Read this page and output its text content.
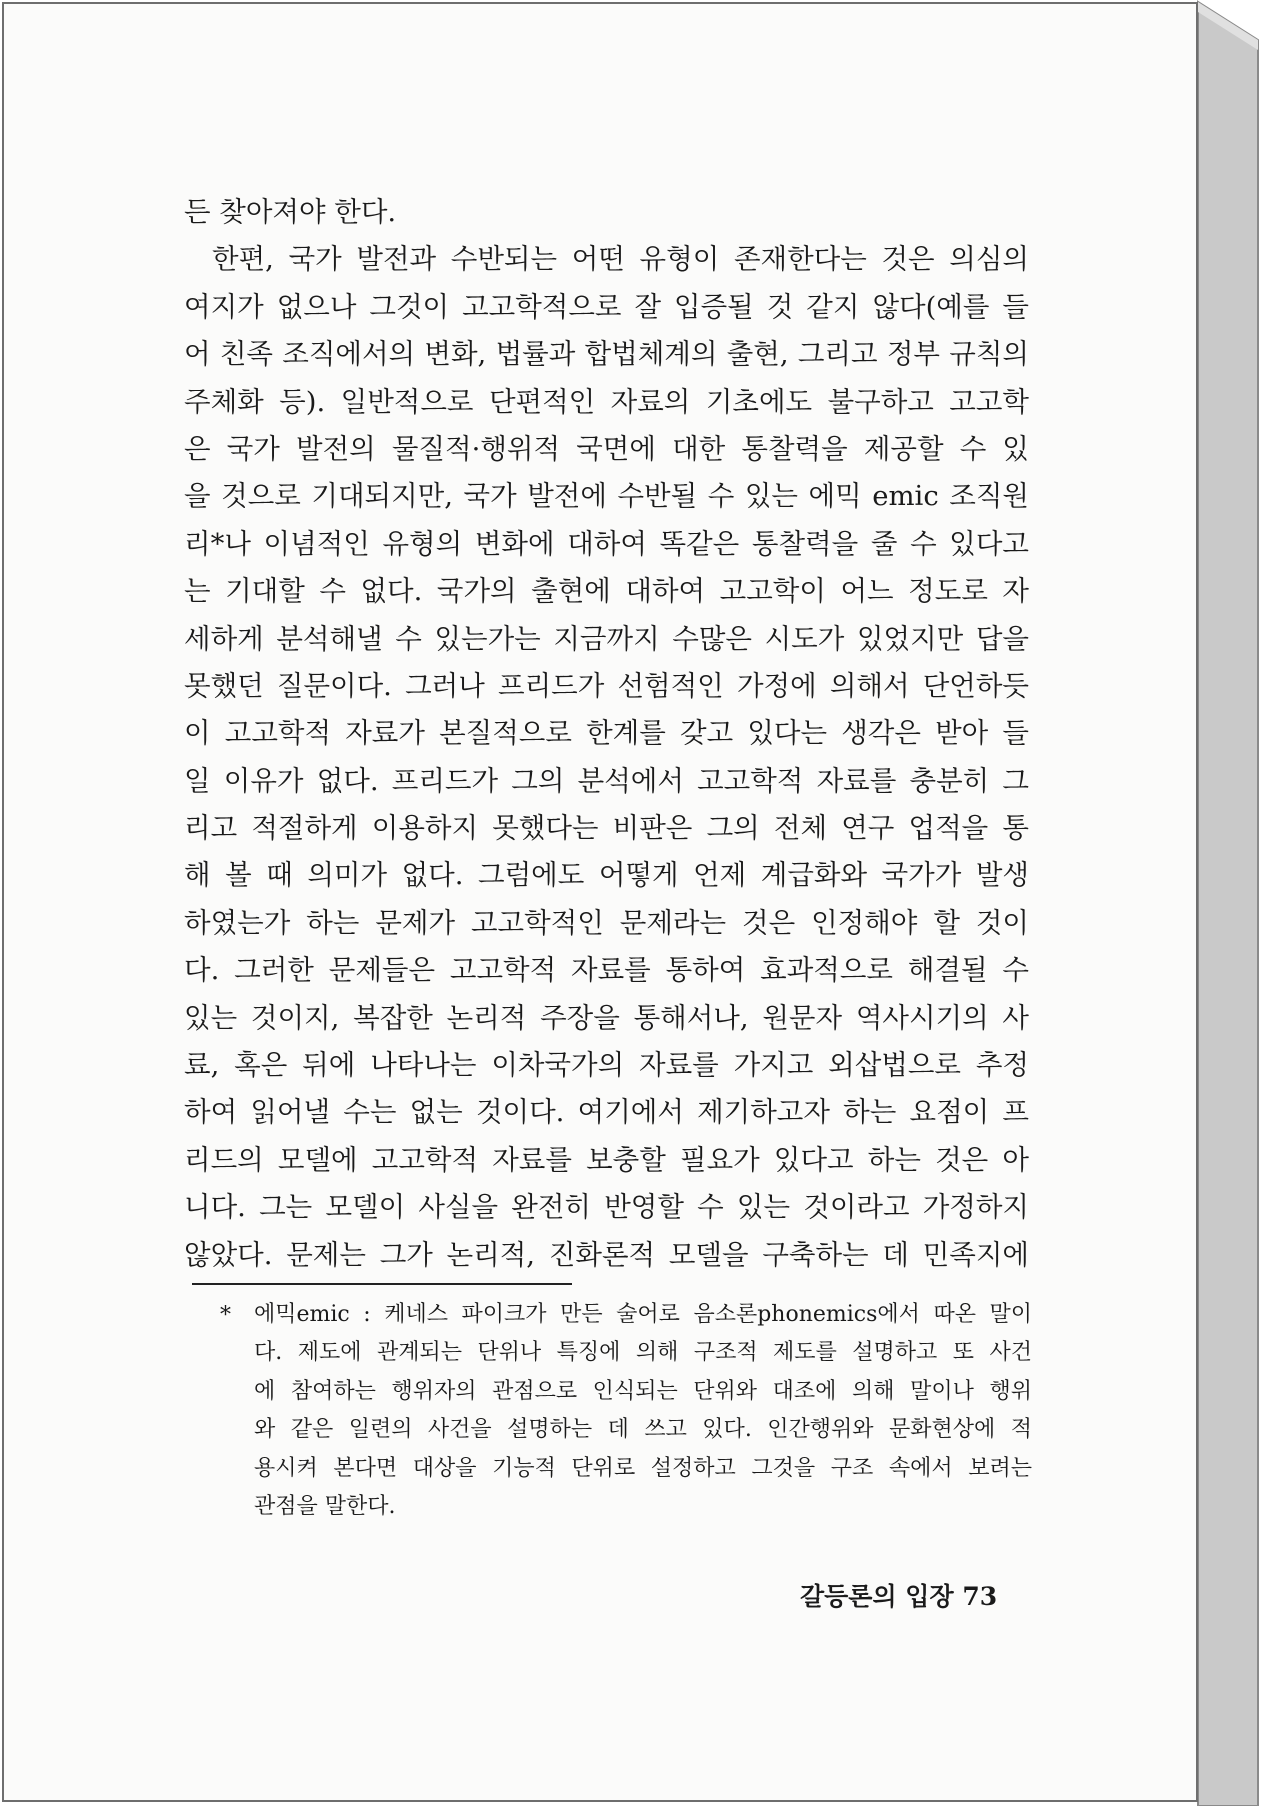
든 찾아져야 한다.
한편, 국가 발전과 수반되는 어떤 유형이 존재한다는 것은 의심의
여지가 없으나 그것이 고고학적으로 잘 입증될 것 같지 않다(예를 들
어 친족 조직에서의 변화, 법률과 합법체계의 출현, 그리고 정부 규칙의
주체화 등). 일반적으로 단편적인 자료의 기초에도 불구하고 고고학
은 국가 발전의 물질적·행위적 국면에 대한 통찰력을 제공할 수 있
을 것으로 기대되지만, 국가 발전에 수반될 수 있는 에믹 emic 조직원
리*나 이념적인 유형의 변화에 대하여 똑같은 통찰력을 줄 수 있다고
는 기대할 수 없다. 국가의 출현에 대하여 고고학이 어느 정도로 자
세하게 분석해낼 수 있는가는 지금까지 수많은 시도가 있었지만 답을
못했던 질문이다. 그러나 프리드가 선험적인 가정에 의해서 단언하듯
이 고고학적 자료가 본질적으로 한계를 갖고 있다는 생각은 받아 들
일 이유가 없다. 프리드가 그의 분석에서 고고학적 자료를 충분히 그
리고 적절하게 이용하지 못했다는 비판은 그의 전체 연구 업적을 통
해 볼 때 의미가 없다. 그럼에도 어떻게 언제 계급화와 국가가 발생
하였는가 하는 문제가 고고학적인 문제라는 것은 인정해야 할 것이
다. 그러한 문제들은 고고학적 자료를 통하여 효과적으로 해결될 수
있는 것이지, 복잡한 논리적 주장을 통해서나, 원문자 역사시기의 사
료, 혹은 뒤에 나타나는 이차국가의 자료를 가지고 외삽법으로 추정
하여 읽어낼 수는 없는 것이다. 여기에서 제기하고자 하는 요점이 프
리드의 모델에 고고학적 자료를 보충할 필요가 있다고 하는 것은 아
니다. 그는 모델이 사실을 완전히 반영할 수 있는 것이라고 가정하지
않았다. 문제는 그가 논리적, 진화론적 모델을 구축하는 데 민족지에
* 에믹emic : 케네스 파이크가 만든 술어로 음소론phonemics에서 따온 말이
다. 제도에 관계되는 단위나 특징에 의해 구조적 제도를 설명하고 또 사건
에 참여하는 행위자의 관점으로 인식되는 단위와 대조에 의해 말이나 행위
와 같은 일련의 사건을 설명하는 데 쓰고 있다. 인간행위와 문화현상에 적
용시켜 본다면 대상을 기능적 단위로 설정하고 그것을 구조 속에서 보려는
관점을 말한다.
갈등론의 입장 73
